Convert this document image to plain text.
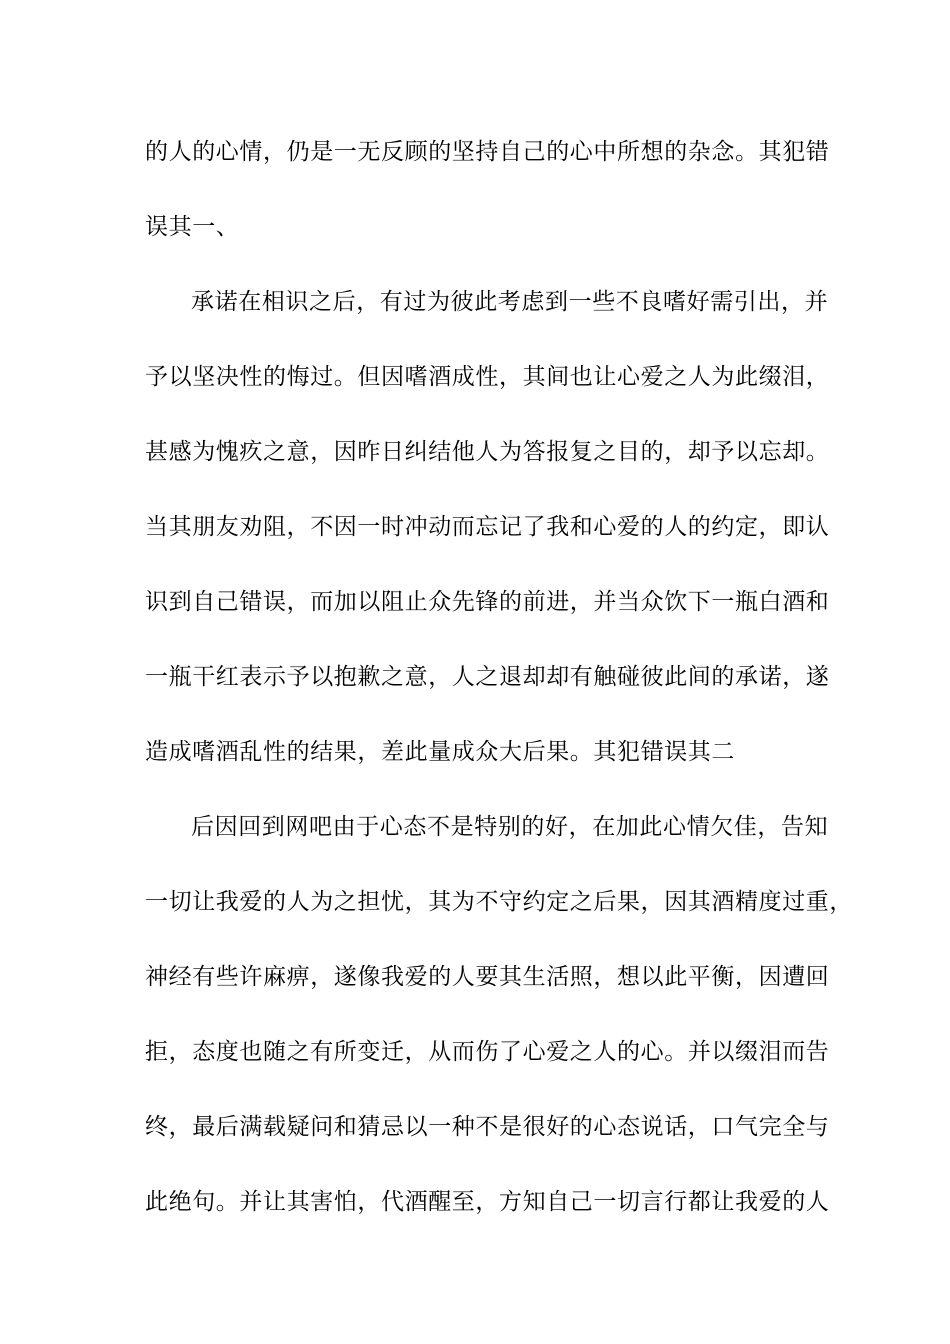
的人的心情，仍是一无反顾的坚持自己的心中所想的杂念。其犯错
误其一、
承诺在相识之后，有过为彼此考虑到一些不良嗜好需引出，并
予以坚决性的悔过。但因嗜酒成性，其间也让心爱之人为此缀泪，
甚感为愧疚之意，因昨日纠结他人为答报复之目的，却予以忘却。
当其朋友劝阻，不因一时冲动而忘记了我和心爱的人的约定，即认
识到自己错误，而加以阻止众先锋的前进，并当众饮下一瓶白酒和
一瓶干红表示予以抱歉之意，人之退却却有触碰彼此间的承诺，遂
造成嗜酒乱性的结果，差此量成众大后果。其犯错误其二
后因回到网吧由于心态不是特别的好，在加此心情欠佳，告知
一切让我爱的人为之担忧，其为不守约定之后果，因其酒精度过重，
神经有些许麻痹，遂像我爱的人要其生活照，想以此平衡，因遭回
拒，态度也随之有所变迁，从而伤了心爱之人的心。并以缀泪而告
终，最后满载疑问和猜忌以一种不是很好的心态说话，口气完全与
此绝句。并让其害怕，代酒醒至，方知自己一切言行都让我爱的人
